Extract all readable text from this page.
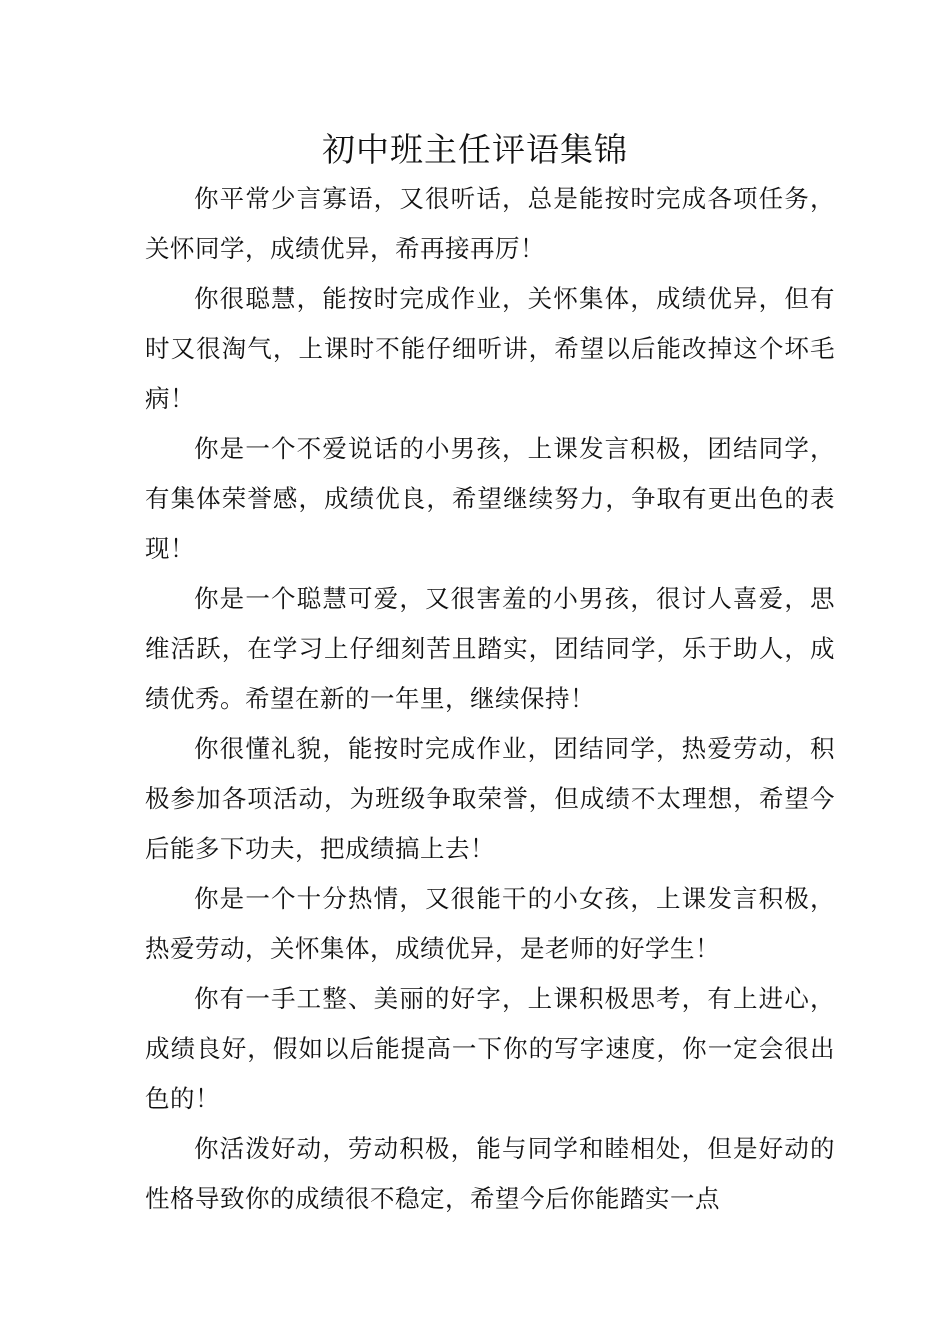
初中班主任评语集锦

你平常少言寡语，又很听话，总是能按时完成各项任务，关怀同学，成绩优异，希再接再厉！

你很聪慧，能按时完成作业，关怀集体，成绩优异，但有时又很淘气，上课时不能仔细听讲，希望以后能改掉这个坏毛病！

你是一个不爱说话的小男孩，上课发言积极，团结同学，有集体荣誉感，成绩优良，希望继续努力，争取有更出色的表现！

你是一个聪慧可爱，又很害羞的小男孩，很讨人喜爱，思维活跃，在学习上仔细刻苦且踏实，团结同学，乐于助人，成绩优秀。希望在新的一年里，继续保持！

你很懂礼貌，能按时完成作业，团结同学，热爱劳动，积极参加各项活动，为班级争取荣誉，但成绩不太理想，希望今后能多下功夫，把成绩搞上去！

你是一个十分热情，又很能干的小女孩，上课发言积极，热爱劳动，关怀集体，成绩优异，是老师的好学生！

你有一手工整、美丽的好字，上课积极思考，有上进心，成绩良好，假如以后能提高一下你的写字速度，你一定会很出色的！

你活泼好动，劳动积极，能与同学和睦相处，但是好动的性格导致你的成绩很不稳定，希望今后你能踏实一点
